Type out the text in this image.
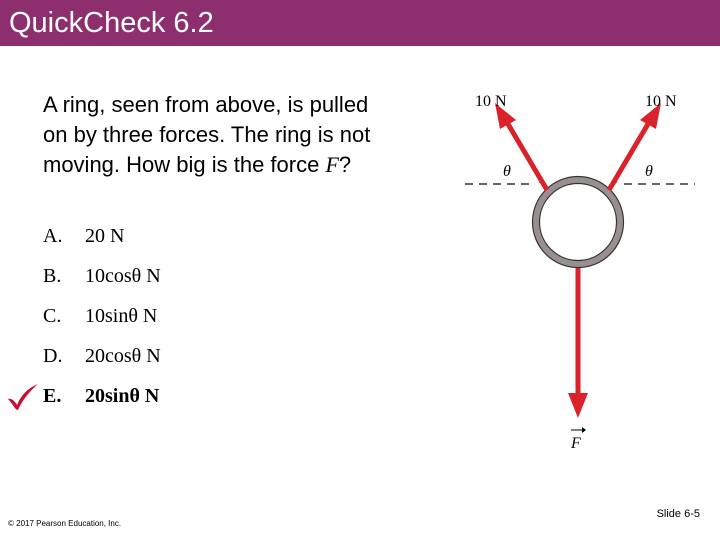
QuickCheck 6.2
A ring, seen from above, is pulled
on by three forces. The ring is not
moving. How big is the force F?
A. 20 N
B. 10cosθ N
C. 10sinθ N
D. 20cosθ N
E. 20sinθ N
10 N	10 N
θ	θ
F
© 2017 Pearson Education, Inc.
Slide 6-5
